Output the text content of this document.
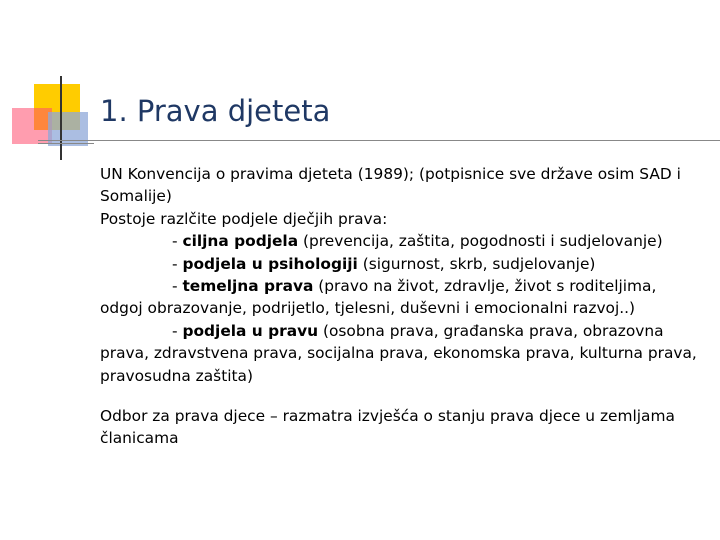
1. Prava djeteta

UN Konvencija o pravima djeteta (1989); (potpisnice sve države osim SAD i Somalije)

Postoje razlčite podjele dječjih prava:

- ciljna podjela (prevencija, zaštita, pogodnosti i sudjelovanje)

- podjela u psihologiji (sigurnost, skrb, sudjelovanje)

- temeljna prava (pravo na život, zdravlje, život s roditeljima, odgoj obrazovanje, podrijetlo, tjelesni, duševni i emocionalni razvoj..)

- podjela u pravu (osobna prava, građanska prava, obrazovna prava, zdravstvena prava, socijalna prava, ekonomska prava, kulturna prava, pravosudna zaštita)

Odbor za prava djece – razmatra izvješća o stanju prava djece u zemljama članicama
